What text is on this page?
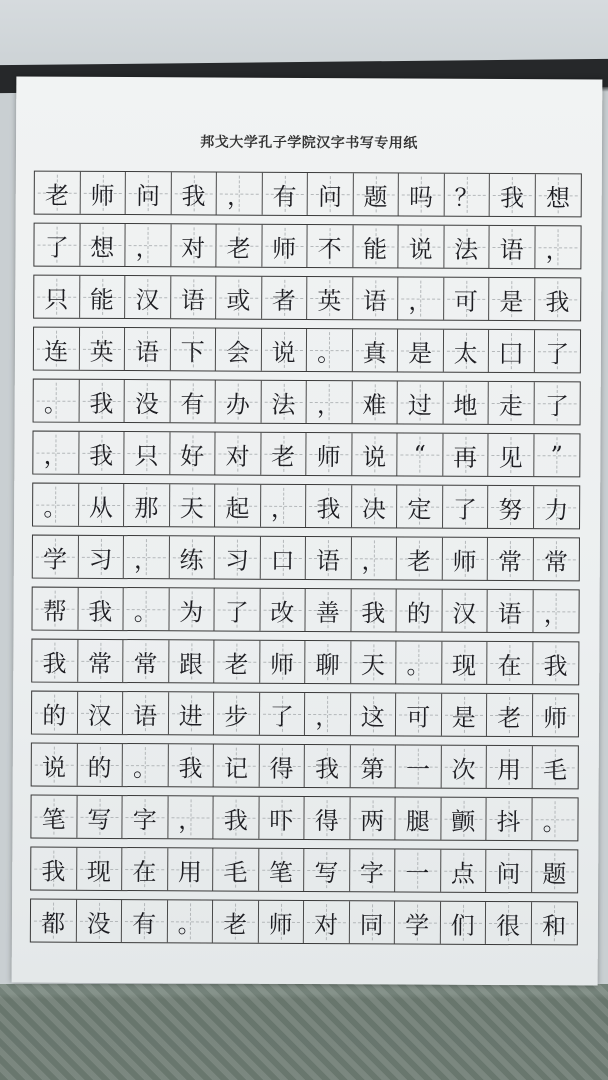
邦戈大学孔子学院汉字书写专用纸
老 师 问 我 ， 有 问 题 吗 ？ 我 想
了 想 ， 对 老 师 不 能 说 法 语 ，
只 能 汉 语 或 者 英 语 ， 可 是 我
连 英 语 下 会 说 。 真 是 太 囗 了
。 我 没 有 办 法 ， 难 过 地 走 了
， 我 只 好 对 老 师 说 “ 再 见 ”
。 从 那 天 起 ， 我 决 定 了 努 力
学 习 ， 练 习 口 语 ， 老 师 常 常
帮 我 。 为 了 改 善 我 的 汉 语 ，
我 常 常 跟 老 师 聊 天 。 现 在 我
的 汉 语 进 步 了 ， 这 可 是 老 师
说 的 。 我 记 得 我 第 一 次 用 毛
笔 写 字 ， 我 吓 得 两 腿 颤 抖 。
我 现 在 用 毛 笔 写 字 一 点 问 题
都 没 有 。 老 师 对 同 学 们 很 和
